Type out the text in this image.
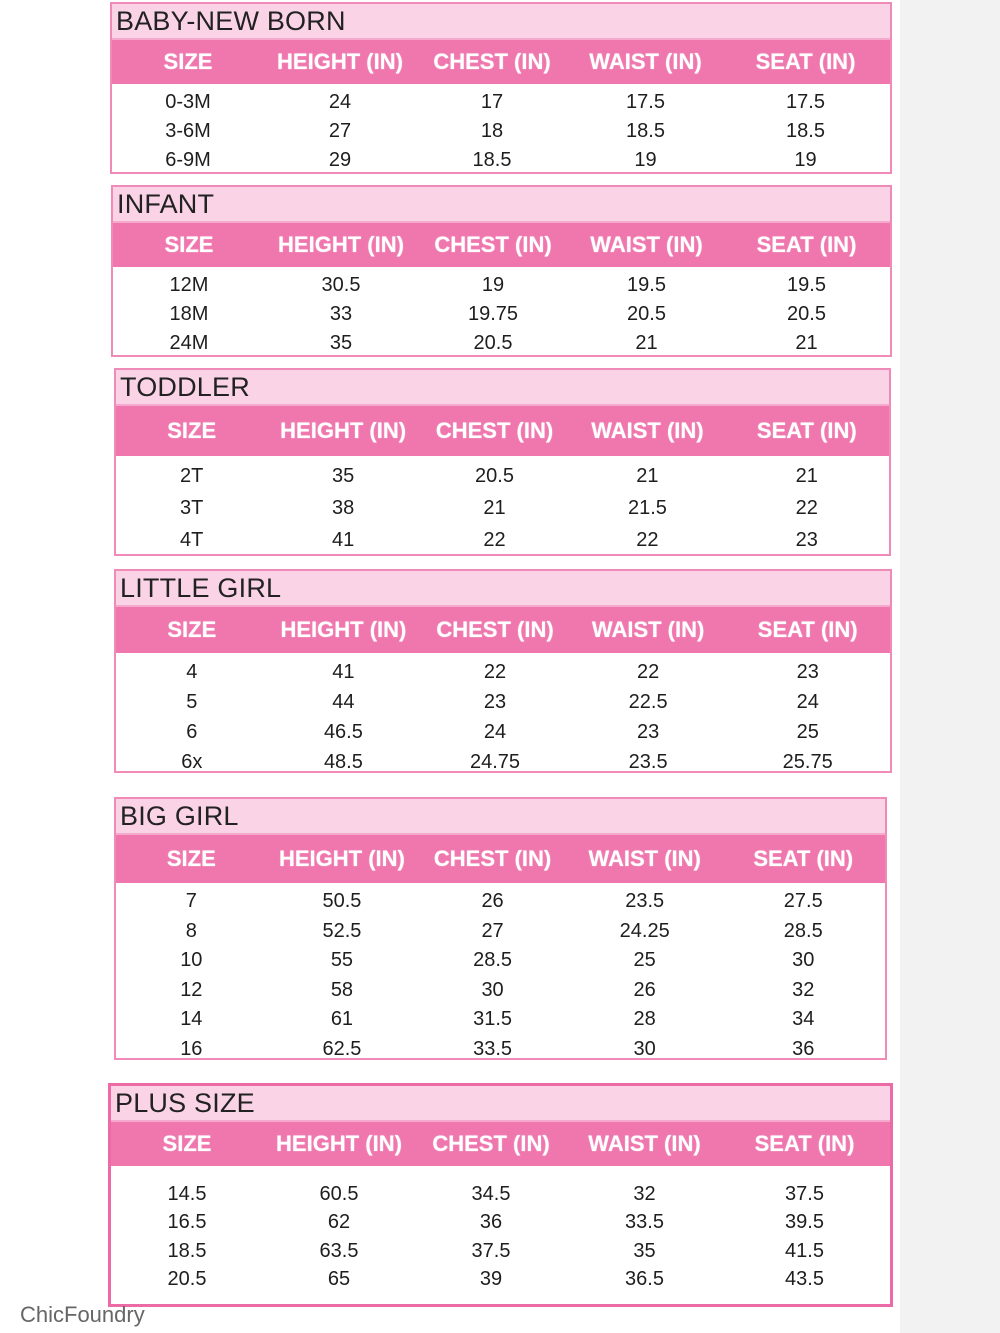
BABY-NEW BORN
SIZE	HEIGHT (IN)	CHEST (IN)	WAIST (IN)	SEAT (IN)
0-3M	24	17	17.5	17.5
3-6M	27	18	18.5	18.5
6-9M	29	18.5	19	19
INFANT
SIZE	HEIGHT (IN)	CHEST (IN)	WAIST (IN)	SEAT (IN)
12M	30.5	19	19.5	19.5
18M	33	19.75	20.5	20.5
24M	35	20.5	21	21
TODDLER
SIZE	HEIGHT (IN)	CHEST (IN)	WAIST (IN)	SEAT (IN)
2T	35	20.5	21	21
3T	38	21	21.5	22
4T	41	22	22	23
LITTLE GIRL
SIZE	HEIGHT (IN)	CHEST (IN)	WAIST (IN)	SEAT (IN)
4	41	22	22	23
5	44	23	22.5	24
6	46.5	24	23	25
6x	48.5	24.75	23.5	25.75
BIG GIRL
SIZE	HEIGHT (IN)	CHEST (IN)	WAIST (IN)	SEAT (IN)
7	50.5	26	23.5	27.5
8	52.5	27	24.25	28.5
10	55	28.5	25	30
12	58	30	26	32
14	61	31.5	28	34
16	62.5	33.5	30	36
PLUS SIZE
SIZE	HEIGHT (IN)	CHEST (IN)	WAIST (IN)	SEAT (IN)
14.5	60.5	34.5	32	37.5
16.5	62	36	33.5	39.5
18.5	63.5	37.5	35	41.5
20.5	65	39	36.5	43.5
ChicFoundry
